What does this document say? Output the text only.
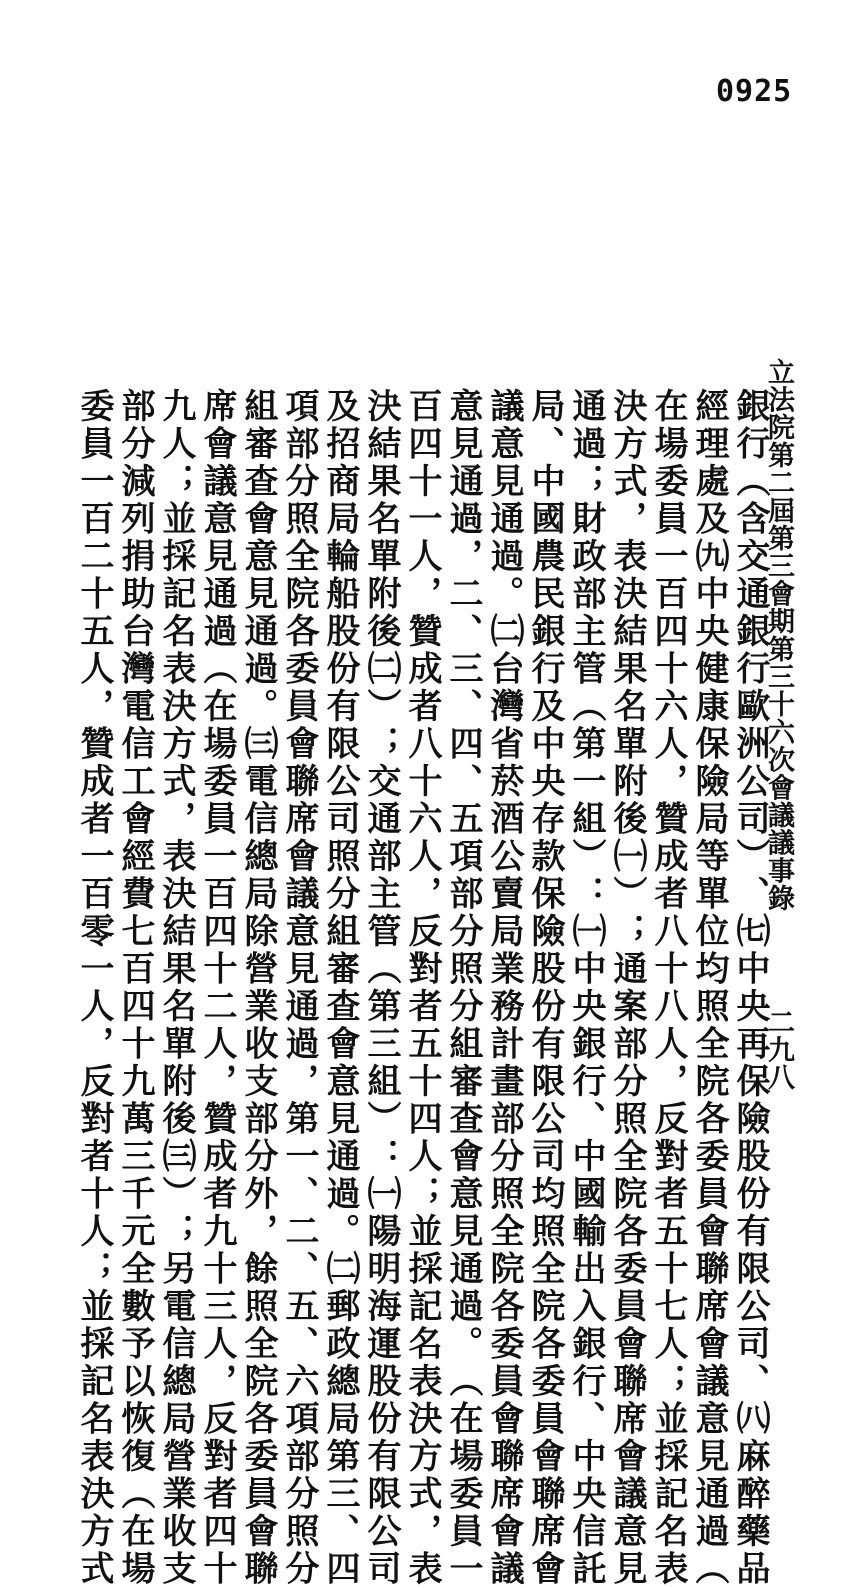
0925
立法院第二屆第三會期第三十六次會議議事錄
二九八
銀行︵含交通銀行歐洲公司︶、㈦中央再保險股份有限公司、㈧麻醉藥品
經理處及㈨中央健康保險局等單位均照全院各委員會聯席會議意見通過︵
在場委員一百四十六人，贊成者八十八人，反對者五十七人；並採記名表
決方式，表決結果名單附後㈠︶；通案部分照全院各委員會聯席會議意見
通過；財政部主管︵第一組︶：㈠中央銀行、中國輸出入銀行、中央信託
局、中國農民銀行及中央存款保險股份有限公司均照全院各委員會聯席會
議意見通過。㈡台灣省菸酒公賣局業務計畫部分照全院各委員會聯席會議
意見通過，二、三、四、五項部分照分組審查會意見通過。︵在場委員一
百四十一人，贊成者八十六人，反對者五十四人；並採記名表決方式，表
決結果名單附後㈡︶；交通部主管︵第三組︶：㈠陽明海運股份有限公司
及招商局輪船股份有限公司照分組審查會意見通過。㈡郵政總局第三、四
項部分照全院各委員會聯席會議意見通過，第一、二、五、六項部分照分
組審查會意見通過。㈢電信總局除營業收支部分外，餘照全院各委員會聯
席會議意見通過︵在場委員一百四十二人，贊成者九十三人，反對者四十
九人；並採記名表決方式，表決結果名單附後㈢︶；另電信總局營業收支
部分減列捐助台灣電信工會經費七百四十九萬三千元全數予以恢復︵在場
委員一百二十五人，贊成者一百零一人，反對者十人；並採記名表決方式
